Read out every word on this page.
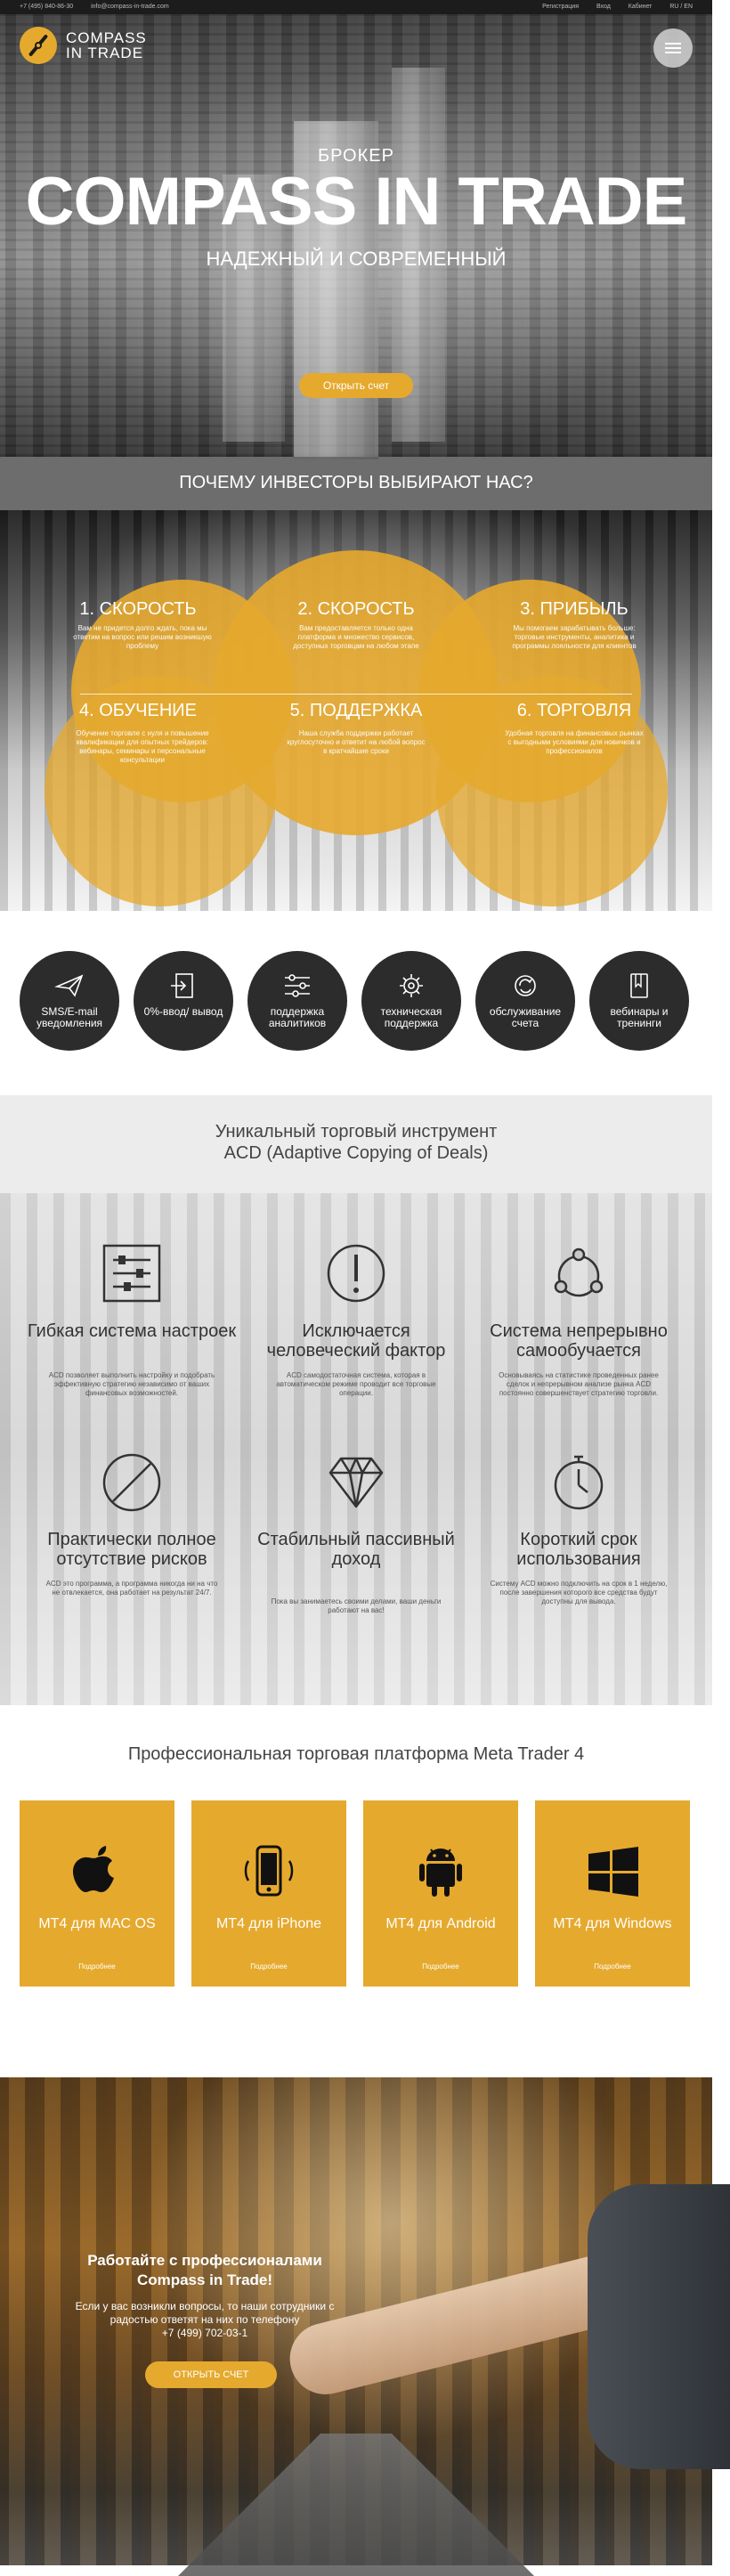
+7 (495) 840-86-30	info@compass-in-trade.com	Регистрация	Вход	Кабинет	RU / EN
COMPASS
IN TRADE
БРОКЕР
COMPASS IN TRADE
НАДЕЖНЫЙ И СОВРЕМЕННЫЙ
Открыть счет
ПОЧЕМУ ИНВЕСТОРЫ ВЫБИРАЮТ НАС?
1. СКОРОСТЬ
Вам не придется долго ждать, пока мы ответим на вопрос или решим возникшую проблему
2. СКОРОСТЬ
Вам предоставляется только одна платформа и множество сервисов, доступных торговцам на любом этапе
3. ПРИБЫЛЬ
Мы помогаем зарабатывать больше: торговые инструменты, аналитика и программы лояльности для клиентов
4. ОБУЧЕНИЕ
Обучение торговле с нуля и повышение квалификации для опытных трейдеров: вебинары, семинары и персональные консультации
5. ПОДДЕРЖКА
Наша служба поддержки работает круглосуточно и ответит на любой вопрос в кратчайшие сроки
6. ТОРГОВЛЯ
Удобная торговля на финансовых рынках с выгодными условиями для новичков и профессионалов
SMS/E-mail уведомления
0%-ввод/ вывод	поддержка аналитиков
техническая поддержка
обслуживание счета
вебинары и тренинги
Уникальный торговый инструмент
ACD (Adaptive Copying of Deals)
Гибкая система настроек
ACD позволяет выполнить настройку и подобрать эффективную стратегию независимо от ваших финансовых возможностей.
Исключается человеческий фактор
ACD самодостаточная система, которая в автоматическом режиме проводит все торговые операции.
Система непрерывно самообучается
Основываясь на статистике проведенных ранее сделок и непрерывном анализе рынка ACD постоянно совершенствует стратегию торговли.
Практически полное отсутствие рисков
ACD это программа, а программа никогда ни на что не отвлекается, она работает на результат 24/7.
Стабильный пассивный доход
Пока вы занимаетесь своими делами, ваши деньги работают на вас!
Короткий срок использования
Систему ACD можно подключить на срок в 1 неделю, после завершения которого все средства будут доступны для вывода.
Профессиональная торговая платформа Meta Trader 4
MT4 для MAC OS
Подробнее
MT4 для iPhone
Подробнее
MT4 для Android
Подробнее
MT4 для Windows
Подробнее
Работайте с профессионалами
Compass in Trade!
Если у вас возникли вопросы, то наши сотрудники с
радостью ответят на них по телефону
+7 (499) 702-03-1
ОТКРЫТЬ СЧЕТ
